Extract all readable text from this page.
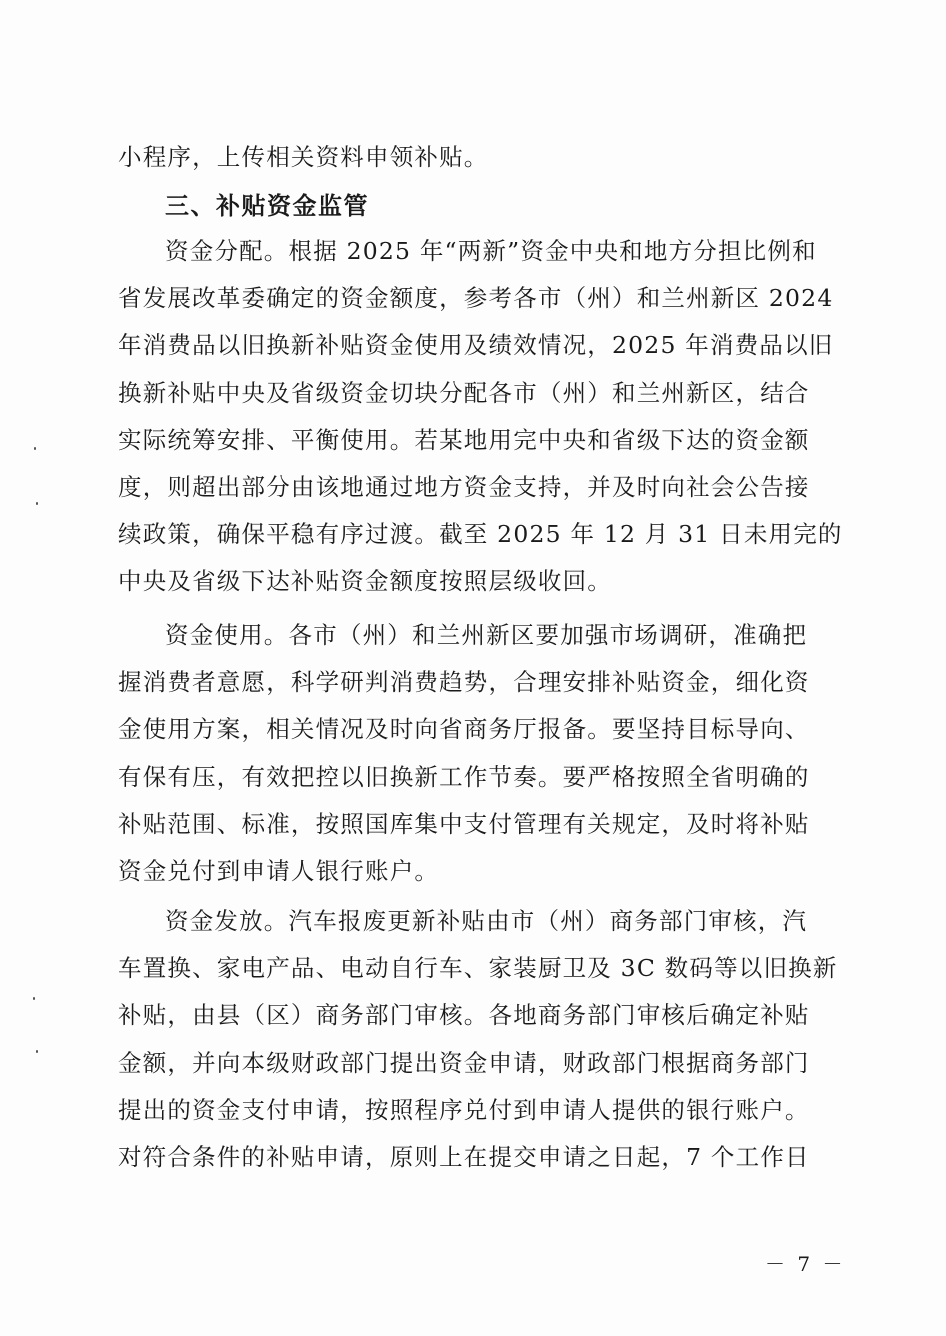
小程序，上传相关资料申领补贴。
三、补贴资金监管
资金分配。根据 2025 年“两新”资金中央和地方分担比例和
省发展改革委确定的资金额度，参考各市（州）和兰州新区 2024
年消费品以旧换新补贴资金使用及绩效情况，2025 年消费品以旧
换新补贴中央及省级资金切块分配各市（州）和兰州新区，结合
实际统筹安排、平衡使用。若某地用完中央和省级下达的资金额
度，则超出部分由该地通过地方资金支持，并及时向社会公告接
续政策，确保平稳有序过渡。截至 2025 年 12 月 31 日未用完的
中央及省级下达补贴资金额度按照层级收回。
资金使用。各市（州）和兰州新区要加强市场调研，准确把
握消费者意愿，科学研判消费趋势，合理安排补贴资金，细化资
金使用方案，相关情况及时向省商务厅报备。要坚持目标导向、
有保有压，有效把控以旧换新工作节奏。要严格按照全省明确的
补贴范围、标准，按照国库集中支付管理有关规定，及时将补贴
资金兑付到申请人银行账户。
资金发放。汽车报废更新补贴由市（州）商务部门审核，汽
车置换、家电产品、电动自行车、家装厨卫及 3C 数码等以旧换新
补贴，由县（区）商务部门审核。各地商务部门审核后确定补贴
金额，并向本级财政部门提出资金申请，财政部门根据商务部门
提出的资金支付申请，按照程序兑付到申请人提供的银行账户。
对符合条件的补贴申请，原则上在提交申请之日起，7 个工作日
－ 7 －
